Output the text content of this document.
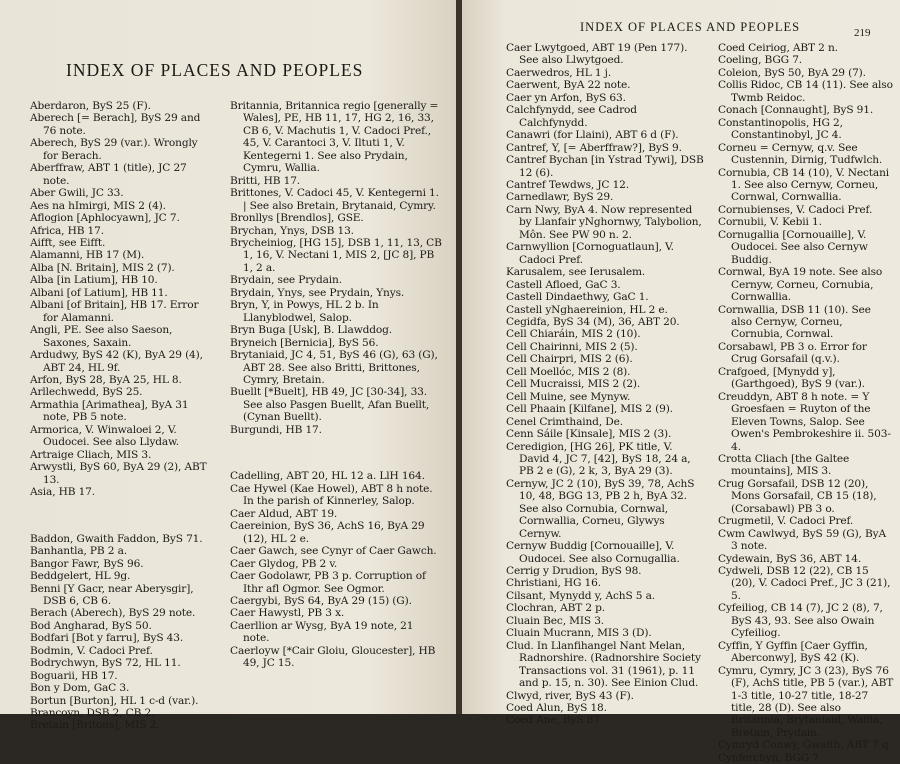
INDEX OF PLACES AND PEOPLES

Aberdaron, ByS 25 (F).

Aberech [= Berach], ByS 29 and 76 note.

Aberech, ByS 29 (var.). Wrongly for Berach.

Aberffraw, ABT 1 (title), JC 27 note.

Aber Gwili, JC 33.

Aes na hImirgi, MIS 2 (4).

Aflogion [Aphlocyawn], JC 7.

Africa, HB 17.

Aifft, see Eifft.

Alamanni, HB 17 (M).

Alba [N. Britain], MIS 2 (7).

Alba [in Latium], HB 10.

Albani [of Latium], HB 11.

Albani [of Britain], HB 17. Error for Alamanni.

Angli, PE. See also Saeson, Saxones, Saxain.

Ardudwy, ByS 42 (K), ByA 29 (4), ABT 24, HL 9f.

Arfon, ByS 28, ByA 25, HL 8.

Arllechwedd, ByS 25.

Armathia [Arimathea], ByA 31 note, PB 5 note.

Armorica, V. Winwaloei 2, V. Oudocei. See also Llydaw.

Artraige Cliach, MIS 3.

Arwystli, ByS 60, ByA 29 (2), ABT 13.

Asia, HB 17.

Baddon, Gwaith Faddon, ByS 71.

Banhantla, PB 2 a.

Bangor Fawr, ByS 96.

Beddgelert, HL 9g.

Benni [Y Gacr, near Aberysgir], DSB 6, CB 6.

Berach (Aberech), ByS 29 note.

Bod Angharad, ByS 50.

Bodfari [Bot y farru], ByS 43.

Bodmin, V. Cadoci Pref.

Bodrychwyn, ByS 72, HL 11.

Boguarii, HB 17.

Bon y Dom, GaC 3.

Bortun [Burton], HL 1 c-d (var.).

Brancoyn, DSB 2, CB 2.

Bretain [Britons], MIS 2.

Britannia, Britannica regio [generally = Wales], PE, HB 11, 17, HG 2, 16, 33, CB 6, V. Machutis 1, V. Cadoci Pref., 45, V. Carantoci 3, V. Iltuti 1, V. Kentegerni 1. See also Prydain, Cymru, Wallia.

Britti, HB 17.

Brittones, V. Cadoci 45, V. Kentegerni 1. | See also Bretain, Brytanaid, Cymry.

Bronllys [Brendlos], GSE.

Brychan, Ynys, DSB 13.

Brycheiniog, [HG 15], DSB 1, 11, 13, CB 1, 16, V. Nectani 1, MIS 2, [JC 8], PB 1, 2 a.

Brydain, see Prydain.

Brydain, Ynys, see Prydain, Ynys.

Bryn, Y, in Powys, HL 2 b. In Llanyblodwel, Salop.

Bryn Buga [Usk], B. Llawddog.

Bryneich [Bernicia], ByS 56.

Brytaniaid, JC 4, 51, ByS 46 (G), 63 (G), ABT 28. See also Britti, Brittones, Cymry, Bretain.

Buellt [*Buelt], HB 49, JC [30-34], 33. See also Pasgen Buellt, Afan Buellt, (Cynan Buellt).

Burgundi, HB 17.

Cadelling, ABT 20, HL 12 a. LlH 164.

Cae Hywel (Kae Howel), ABT 8 h note. In the parish of Kinnerley, Salop.

Caer Aldud, ABT 19.

Caereinion, ByS 36, AchS 16, ByA 29 (12), HL 2 e.

Caer Gawch, see Cynyr of Caer Gawch.

Caer Glydog, PB 2 v.

Caer Godolawr, PB 3 p. Corruption of Ithr afl Ogmor. See Ogmor.

Caergybi, ByS 64, ByA 29 (15) (G).

Caer Hawystl, PB 3 x.

Caerllion ar Wysg, ByA 19 note, 21 note.

Caerloyw [*Cair Gloiu, Gloucester], HB 49, JC 15.

INDEX OF PLACES AND PEOPLES	219

Caer Lwytgoed, ABT 19 (Pen 177). See also Llwytgoed.

Caerwedros, HL 1 j.

Caerwent, ByA 22 note.

Caer yn Arfon, ByS 63.

Calchfynydd, see Cadrod Calchfynydd.

Canawri (for Llaini), ABT 6 d (F).

Cantref, Y, [= Aberffraw?], ByS 9.

Cantref Bychan [in Ystrad Tywi], DSB 12 (6).

Cantref Tewdws, JC 12.

Carnedlawr, ByS 29.

Carn Nwy, ByA 4. Now represented by Llanfair yNghornwy, Talybolion, Môn. See PW 90 n. 2.

Carnwyllion [Cornoguatlaun], V. Cadoci Pref.

Karusalem, see Ierusalem.

Castell Afloed, GaC 3.

Castell Dindaethwy, GaC 1.

Castell yNghaereinion, HL 2 e.

Cegidfa, ByS 34 (M), 36, ABT 20.

Cell Chiaráin, MIS 2 (10).

Cell Chairinni, MIS 2 (5).

Cell Chairpri, MIS 2 (6).

Cell Moellóc, MIS 2 (8).

Cell Mucraissi, MIS 2 (2).

Cell Muine, see Mynyw.

Cell Phaain [Kilfane], MIS 2 (9).

Cenel Crimthaind, De.

Cenn Sáile [Kinsale], MIS 2 (3).

Ceredigion, [HG 26], PK title, V. David 4, JC 7, [42], ByS 18, 24 a, PB 2 e (G), 2 k, 3, ByA 29 (3).

Cernyw, JC 2 (10), ByS 39, 78, AchS 10, 48, BGG 13, PB 2 h, ByA 32. See also Cornubia, Cornwal, Cornwallia, Corneu, Glywys Cernyw.

Cernyw Buddig [Cornouaille], V. Oudocei. See also Cornugallia.

Cerrig y Drudion, ByS 98.

Christiani, HG 16.

Cilsant, Mynydd y, AchS 5 a.

Clochran, ABT 2 p.

Cluain Bec, MIS 3.

Cluain Mucrann, MIS 3 (D).

Clud. In Llanfihangel Nant Melan, Radnorshire. (Radnorshire Society Transactions vol. 31 (1961), p. 11 and p. 15, n. 30). See Einion Clud.

Clwyd, river, ByS 43 (F).

Coed Alun, ByS 18.

Coed Ane, ByS 87.

Coed Ceiriog, ABT 2 n.

Coeling, BGG 7.

Coleion, ByS 50, ByA 29 (7).

Collis Ridoc, CB 14 (11). See also Twmb Reidoc.

Conach [Connaught], ByS 91.

Constantinopolis, HG 2, Constantinobyl, JC 4.

Corneu = Cernyw, q.v. See Custennin, Dirnig, Tudfwlch.

Cornubia, CB 14 (10), V. Nectani 1. See also Cernyw, Corneu, Cornwal, Cornwallia.

Cornubienses, V. Cadoci Pref.

Cornubii, V. Kebii 1.

Cornugallia [Cornouaille], V. Oudocei. See also Cernyw Buddig.

Cornwal, ByA 19 note. See also Cernyw, Corneu, Cornubia, Cornwallia.

Cornwallia, DSB 11 (10). See also Cernyw, Corneu, Cornubia, Cornwal.

Corsabawl, PB 3 o. Error for Crug Gorsafail (q.v.).

Crafgoed, [Mynydd y], (Garthgoed), ByS 9 (var.).

Creuddyn, ABT 8 h note. = Y Groesfaen = Ruyton of the Eleven Towns, Salop. See Owen's Pembrokeshire ii. 503-4.

Crotta Cliach [the Galtee mountains], MIS 3.

Crug Gorsafail, DSB 12 (20), Mons Gorsafail, CB 15 (18), (Corsabawl) PB 3 o.

Crugmetil, V. Cadoci Pref.

Cwm Cawlwyd, ByS 59 (G), ByA 3 note.

Cydewain, ByS 36, ABT 14.

Cydweli, DSB 12 (22), CB 15 (20), V. Cadoci Pref., JC 3 (21), 5.

Cyfeiliog, CB 14 (7), JC 2 (8), 7, ByS 43, 93. See also Owain Cyfeiliog.

Cyffin, Y Gyffin [Caer Gyffin, Aberconwy], ByS 42 (K).

Cymru, Cymry, JC 3 (23), ByS 76 (F), AchS title, PB 5 (var.), ABT 1-3 title, 10-27 title, 18-27 title, 28 (D). See also Britannia, Brytaniaid, Wallia, Bretain, Prydain.

Cymryd Conwy, Gwaith, ABT 7 q.

Cynferchyn, BGG 7.
